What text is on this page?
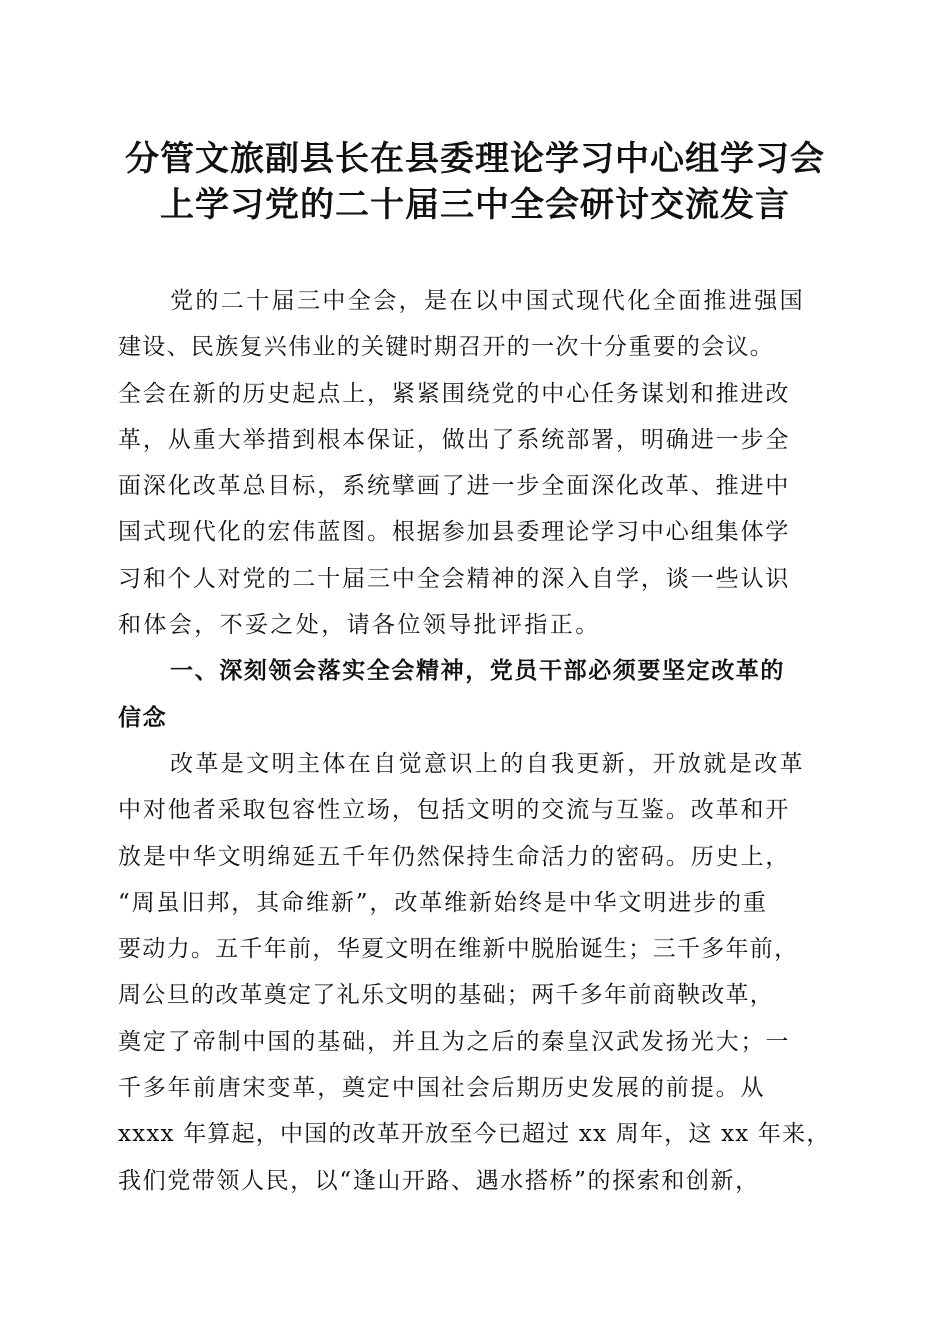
分管文旅副县长在县委理论学习中心组学习会
上学习党的二十届三中全会研讨交流发言
党的二十届三中全会，是在以中国式现代化全面推进强国
建设、民族复兴伟业的关键时期召开的一次十分重要的会议。
全会在新的历史起点上，紧紧围绕党的中心任务谋划和推进改
革，从重大举措到根本保证，做出了系统部署，明确进一步全
面深化改革总目标，系统擘画了进一步全面深化改革、推进中
国式现代化的宏伟蓝图。根据参加县委理论学习中心组集体学
习和个人对党的二十届三中全会精神的深入自学，谈一些认识
和体会，不妥之处，请各位领导批评指正。
一、深刻领会落实全会精神，党员干部必须要坚定改革的
信念
改革是文明主体在自觉意识上的自我更新，开放就是改革
中对他者采取包容性立场，包括文明的交流与互鉴。改革和开
放是中华文明绵延五千年仍然保持生命活力的密码。历史上，
“周虽旧邦，其命维新”，改革维新始终是中华文明进步的重
要动力。五千年前，华夏文明在维新中脱胎诞生；三千多年前，
周公旦的改革奠定了礼乐文明的基础；两千多年前商鞅改革，
奠定了帝制中国的基础，并且为之后的秦皇汉武发扬光大；一
千多年前唐宋变革，奠定中国社会后期历史发展的前提。从
xxxx 年算起，中国的改革开放至今已超过 xx 周年，这 xx 年来，
我们党带领人民，以“逢山开路、遇水搭桥”的探索和创新，
